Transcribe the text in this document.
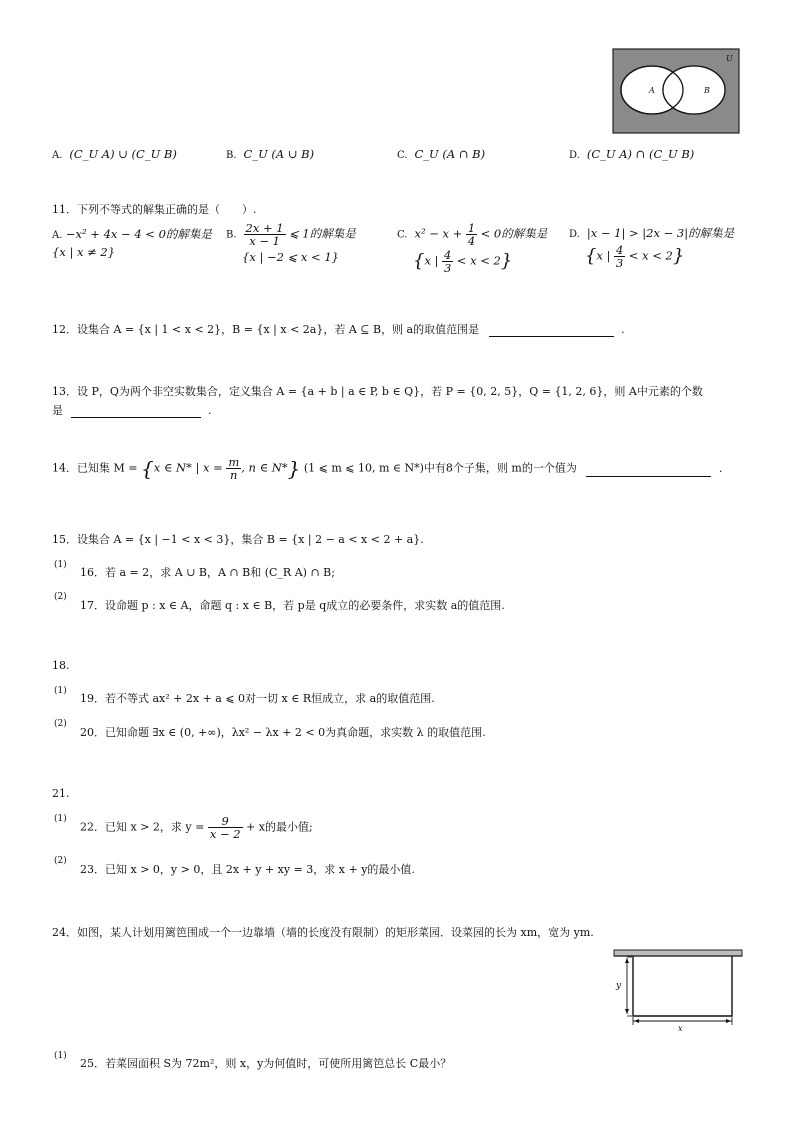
U
A	B
A. (C_U A) ∪ (C_U B)	B. C_U (A ∪ B)	C. C_U (A ∩ B)	D. (C_U A) ∩ (C_U B)
11．下列不等式的解集正确的是（　　）.
A. −x² + 4x − 4 < 0的解集是
{x | x ≠ 2}
B. $\frac{2x + 1}{x - 1}$ ⩽ 1的解集是
{x | −2 ⩽ x < 1}
C. $x^2 - x + \frac{1}{4} < 0$的解集是
{x | $\frac{4}{3} < x < 2$}
D. |x − 1| > |2x − 3|的解集是
{x | $\frac{4}{3} < x < 2$}
12．设集合 A = {x | 1 < x < 2}，B = {x | x < 2a}，若 A ⊆ B，则 a的取值范围是	.
13．设 P，Q为两个非空实数集合，定义集合 A = {a + b | a ∈ P, b ∈ Q}，若 P = {0, 2, 5}，Q = {1, 2, 6}，则 A中元素的个数
是	.
14．已知集 M = {x ∈ N* | $x = \frac{m}{n}$ , n ∈ N*} (1 ⩽ m ⩽ 10, m ∈ N*)中有8个子集，则 m的一个值为	.
15．设集合 A = {x | −1 < x < 3}，集合 B = {x | 2 − a < x < 2 + a}.
(1)
16．若 a = 2，求 A ∪ B，A ∩ B和 (C_R A) ∩ B;
(2)
17．设命题 p : x ∈ A，命题 q : x ∈ B，若 p是 q成立的必要条件，求实数 a的值范围.
18.
(1)
19．若不等式 ax² + 2x + a ⩽ 0对一切 x ∈ R恒成立，求 a的取值范围.
(2)
20．已知命题 ∃x ∈ (0, +∞)，λx² − λx + 2 < 0为真命题，求实数 λ 的取值范围.
21.
(1)
22．已知 x > 2，求 $y = \frac{9}{x - 2} + x$的最小值;
(2)
23．已知 x > 0，y > 0，且 2x + y + xy = 3，求 x + y的最小值.
24．如图，某人计划用篱笆围成一个一边靠墙（墙的长度没有限制）的矩形菜园．设菜园的长为 xm，宽为 ym.
y
x
(1)
25．若菜园面积 S为 72m²，则 x，y为何值时，可使所用篱笆总长 C最小？
